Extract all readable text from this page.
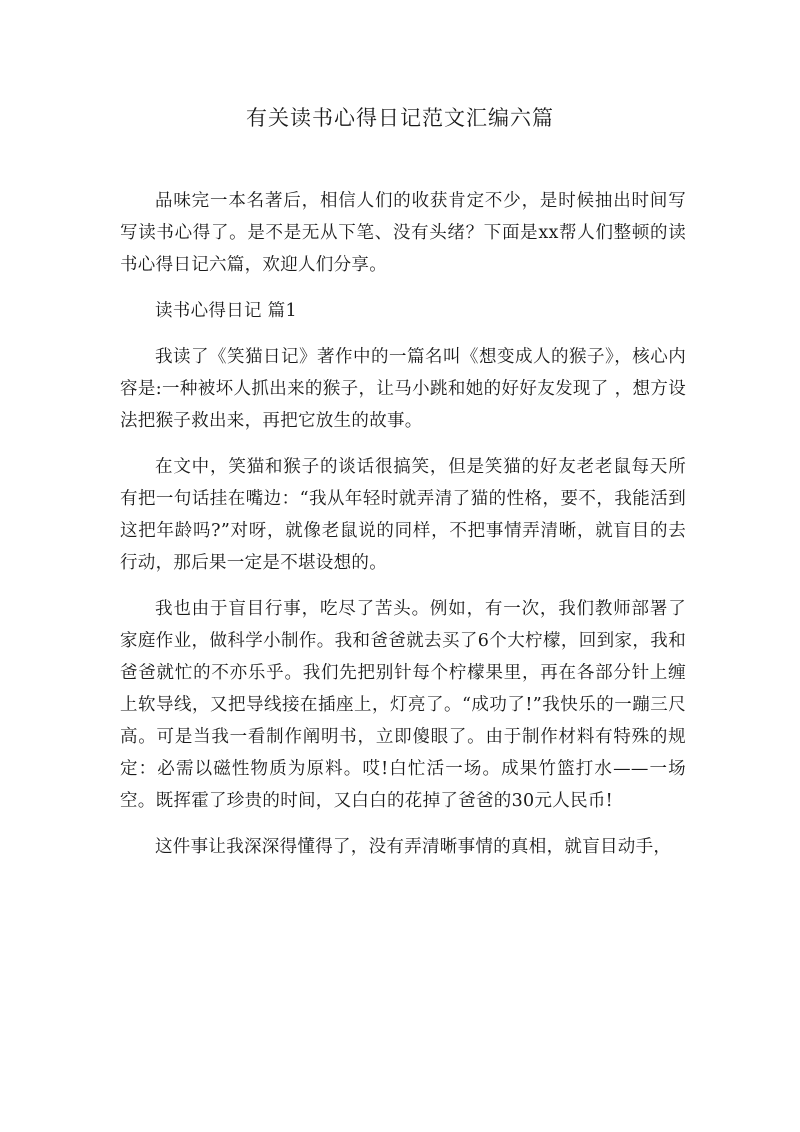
有关读书心得日记范文汇编六篇

品味完一本名著后，相信人们的收获肯定不少，是时候抽出时间写写读书心得了。是不是无从下笔、没有头绪？下面是xx帮人们整顿的读书心得日记六篇，欢迎人们分享。

读书心得日记 篇1

我读了《笑猫日记》著作中的一篇名叫《想变成人的猴子》，核心内容是:一种被坏人抓出来的猴子，让马小跳和她的好好友发现了 ，想方设法把猴子救出来，再把它放生的故事。

在文中，笑猫和猴子的谈话很搞笑，但是笑猫的好友老老鼠每天所有把一句话挂在嘴边：“我从年轻时就弄清了猫的性格，要不，我能活到这把年龄吗?”对呀，就像老鼠说的同样，不把事情弄清晰，就盲目的去行动，那后果一定是不堪设想的。

我也由于盲目行事，吃尽了苦头。例如，有一次，我们教师部署了家庭作业，做科学小制作。我和爸爸就去买了6个大柠檬，回到家，我和爸爸就忙的不亦乐乎。我们先把别针每个柠檬果里，再在各部分针上缠上软导线，又把导线接在插座上，灯亮了。“成功了!”我快乐的一蹦三尺高。可是当我一看制作阐明书，立即傻眼了。由于制作材料有特殊的规定：必需以磁性物质为原料。哎!白忙活一场。成果竹篮打水——一场空。既挥霍了珍贵的时间，又白白的花掉了爸爸的30元人民币!

这件事让我深深得懂得了，没有弄清晰事情的真相，就盲目动手，
